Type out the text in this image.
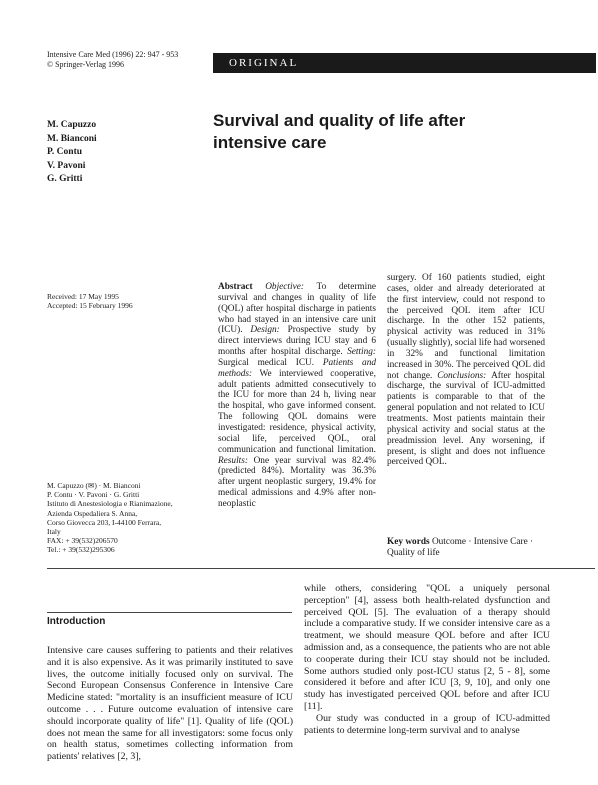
Intensive Care Med (1996) 22: 947 - 953
© Springer-Verlag 1996	ORIGINAL
M. Capuzzo
M. Bianconi
P. Contu
V. Pavoni
G. Gritti
Survival and quality of life after
intensive care
Received: 17 May 1995
Accepted: 15 February 1996
M. Capuzzo (✉) · M. Bianconi
P. Contu · V. Pavoni · G. Gritti
Istituto di Anestesiologia e Rianimazione,
Azienda Ospedaliera S. Anna,
Corso Giovecca 203, I-44100 Ferrara,
Italy
FAX: + 39(532)206570
Tel.: + 39(532)295306
Abstract Objective: To determine survival and changes in quality of life (QOL) after hospital discharge in patients who had stayed in an intensive care unit (ICU). Design: Prospective study by direct interviews during ICU stay and 6 months after hospital discharge. Setting: Surgical medical ICU. Patients and methods: We interviewed cooperative, adult patients admitted consecutively to the ICU for more than 24 h, living near the hospital, who gave informed consent. The following QOL domains were investigated: residence, physical activity, social life, perceived QOL, oral communication and functional limitation. Results: One year survival was 82.4% (predicted 84%). Mortality was 36.3% after urgent neoplastic surgery, 19.4% for medical admissions and 4.9% after non-neoplastic
surgery. Of 160 patients studied, eight cases, older and already deteriorated at the first interview, could not respond to the perceived QOL item after ICU discharge. In the other 152 patients, physical activity was reduced in 31% (usually slightly), social life had worsened in 32% and functional limitation increased in 30%. The perceived QOL did not change. Conclusions: After hospital discharge, the survival of ICU-admitted patients is comparable to that of the general population and not related to ICU treatments. Most patients maintain their physical activity and social status at the preadmission level. Any worsening, if present, is slight and does not influence perceived QOL.
Key words Outcome · Intensive Care · Quality of life
Introduction

Intensive care causes suffering to patients and their relatives and it is also expensive. As it was primarily instituted to save lives, the outcome initially focused only on survival. The Second European Consensus Conference in Intensive Care Medicine stated: "mortality is an insufficient measure of ICU outcome . . . Future outcome evaluation of intensive care should incorporate quality of life" [1]. Quality of life (QOL) does not mean the same for all investigators: some focus only on health status, sometimes collecting information from patients' relatives [2, 3],

while others, considering "QOL a uniquely personal perception" [4], assess both health-related dysfunction and perceived QOL [5]. The evaluation of a therapy should include a comparative study. If we consider intensive care as a treatment, we should measure QOL before and after ICU admission and, as a consequence, the patients who are not able to cooperate during their ICU stay should not be included. Some authors studied only post-ICU status [2, 5 - 8], some considered it before and after ICU [3, 9, 10], and only one study has investigated perceived QOL before and after ICU [11].

Our study was conducted in a group of ICU-admitted patients to determine long-term survival and to analyse
